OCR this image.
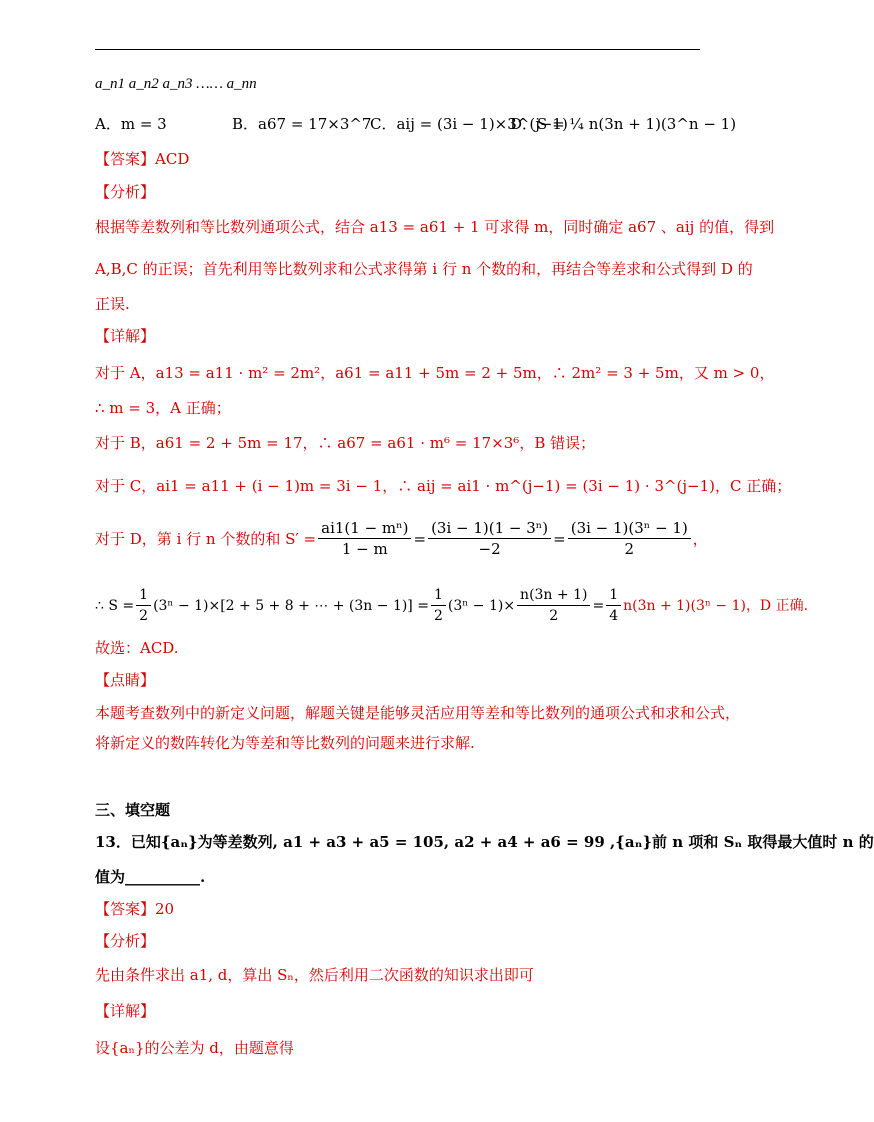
a_n1 a_n2 a_n3 …… a_nn
A．m = 3	B．a67 = 17×3^7
C．aij = (3i − 1)×3^(j−1)
D．S = ¼ n(3n + 1)(3^n − 1)
【答案】ACD
【分析】
根据等差数列和等比数列通项公式，结合 a13 = a61 + 1 可求得 m，同时确定 a67 、aij 的值，得到
A,B,C 的正误；首先利用等比数列求和公式求得第 i 行 n 个数的和，再结合等差求和公式得到 D 的
正误.
【详解】
对于 A，a13 = a11 · m² = 2m²，a61 = a11 + 5m = 2 + 5m，∴ 2m² = 3 + 5m，又 m > 0，
∴ m = 3，A 正确；
对于 B，a61 = 2 + 5m = 17，∴ a67 = a61 · m⁶ = 17×3⁶，B 错误；
对于 C，ai1 = a11 + (i − 1)m = 3i − 1，∴ aij = ai1 · m^(j−1) = (3i − 1) · 3^(j−1)，C 正确；
对于 D，第 i 行 n 个数的和 $S' = \frac{\text{ai1(1 − mⁿ)}}{1 - m} = \frac{\text{(3i − 1)(1 − 3ⁿ)}}{-2} = \frac{\text{(3i − 1)(3ⁿ − 1)}}{2}$ ，
∴ $S = \frac{1}{2} (3^n - 1)\times[2 + 5 + 8$ + ⋯ + $(3n - 1)] = \frac{1}{2} (3^n - 1)\times \frac{n(3n + 1)}{2} = \frac{1}{4} n(3n + 1)(3^n - 1)$，D 正确.
故选：ACD.
【点睛】
本题考查数列中的新定义问题，解题关键是能够灵活应用等差和等比数列的通项公式和求和公式，
将新定义的数阵转化为等差和等比数列的问题来进行求解.
三、填空题
13．已知{aₙ}为等差数列, a1 + a3 + a5 = 105, a2 + a4 + a6 = 99 ,{aₙ}前 n 项和 Sₙ 取得最大值时 n 的
值为__________.
【答案】20
【分析】
先由条件求出 a1, d，算出 Sₙ，然后利用二次函数的知识求出即可
【详解】
设{aₙ}的公差为 d，由题意得
